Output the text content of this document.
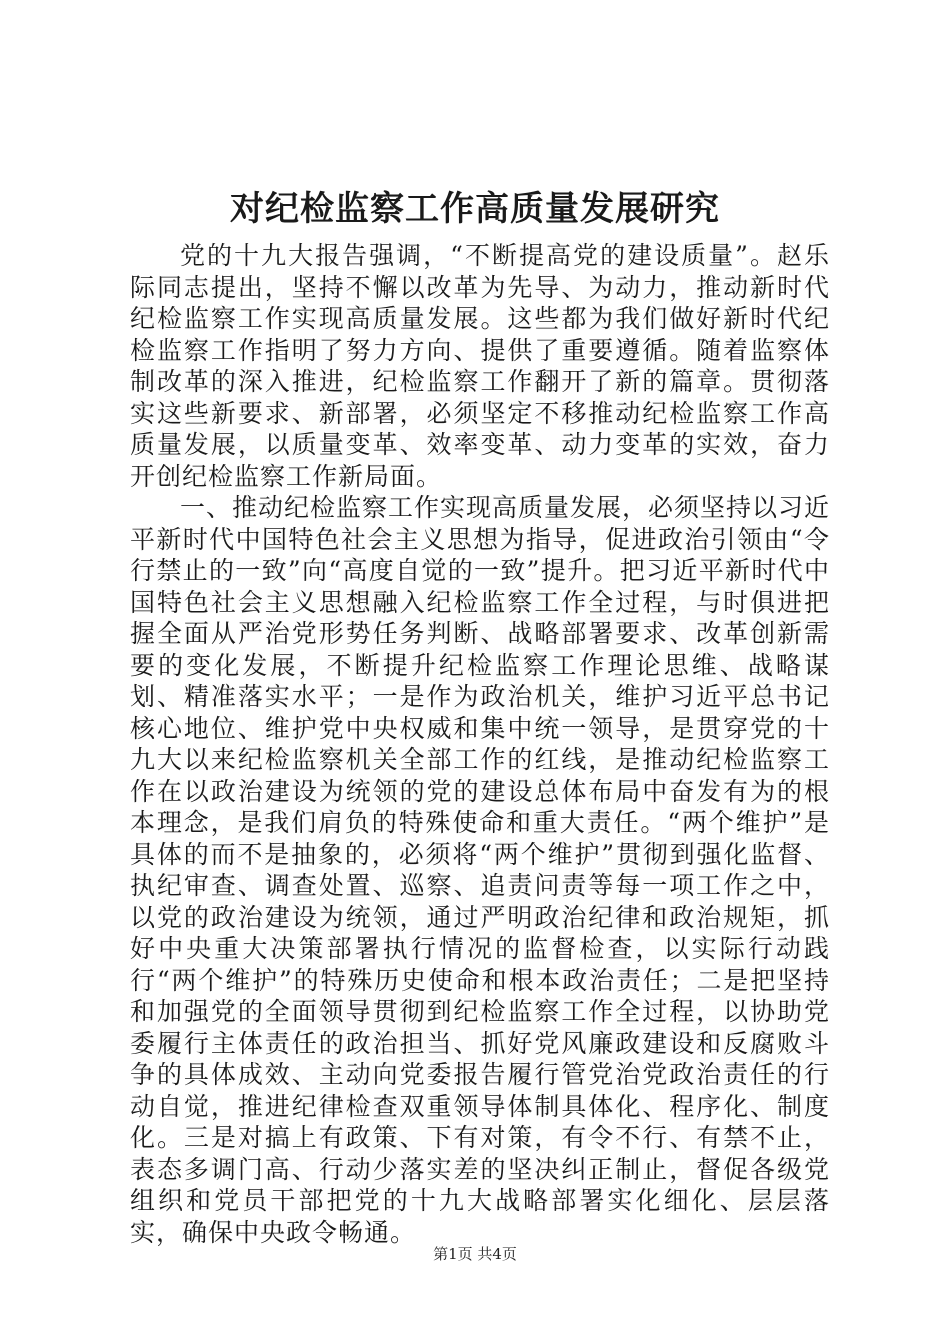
对纪检监察工作高质量发展研究

党的十九大报告强调，“不断提高党的建设质量”。赵乐际同志提出，坚持不懈以改革为先导、为动力，推动新时代纪检监察工作实现高质量发展。这些都为我们做好新时代纪检监察工作指明了努力方向、提供了重要遵循。随着监察体制改革的深入推进，纪检监察工作翻开了新的篇章。贯彻落实这些新要求、新部署，必须坚定不移推动纪检监察工作高质量发展，以质量变革、效率变革、动力变革的实效，奋力开创纪检监察工作新局面。

一、推动纪检监察工作实现高质量发展，必须坚持以习近平新时代中国特色社会主义思想为指导，促进政治引领由“令行禁止的一致”向“高度自觉的一致”提升。把习近平新时代中国特色社会主义思想融入纪检监察工作全过程，与时俱进把握全面从严治党形势任务判断、战略部署要求、改革创新需要的变化发展，不断提升纪检监察工作理论思维、战略谋划、精准落实水平；一是作为政治机关，维护习近平总书记核心地位、维护党中央权威和集中统一领导，是贯穿党的十九大以来纪检监察机关全部工作的红线，是推动纪检监察工作在以政治建设为统领的党的建设总体布局中奋发有为的根本理念，是我们肩负的特殊使命和重大责任。“两个维护”是具体的而不是抽象的，必须将“两个维护”贯彻到强化监督、执纪审查、调查处置、巡察、追责问责等每一项工作之中，以党的政治建设为统领，通过严明政治纪律和政治规矩，抓好中央重大决策部署执行情况的监督检查，以实际行动践行“两个维护”的特殊历史使命和根本政治责任；二是把坚持和加强党的全面领导贯彻到纪检监察工作全过程，以协助党委履行主体责任的政治担当、抓好党风廉政建设和反腐败斗争的具体成效、主动向党委报告履行管党治党政治责任的行动自觉，推进纪律检查双重领导体制具体化、程序化、制度化。三是对搞上有政策、下有对策，有令不行、有禁不止，表态多调门高、行动少落实差的坚决纠正制止，督促各级党组织和党员干部把党的十九大战略部署实化细化、层层落实，确保中央政令畅通。

第1页 共4页
